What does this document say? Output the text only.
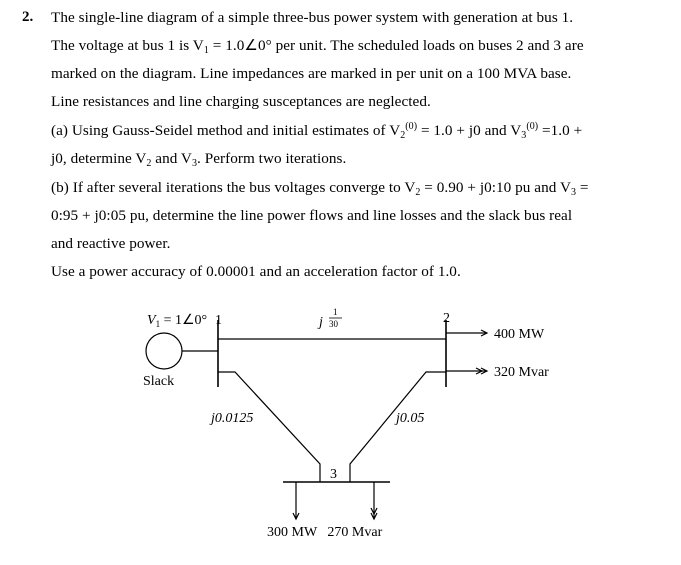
2. The single-line diagram of a simple three-bus power system with generation at bus 1.
The voltage at bus 1 is $V_1$ = 1.0∠0° per unit. The scheduled loads on buses 2 and 3 are
marked on the diagram. Line impedances are marked in per unit on a 100 MVA base.
Line resistances and line charging susceptances are neglected.
(a) Using Gauss-Seidel method and initial estimates of $V_2^{(0)} = 1.0 + j0$ and $V_3^{(0)} =1.0$ +
j0, determine $V_2$ and $V_3$. Perform two iterations.
(b) If after several iterations the bus voltages converge to $V_2 = 0.90$ + j0:10 pu and $V_3$ =
0:95 + j0:05 pu, determine the line power flows and line losses and the slack bus real
and reactive power.
Use a power accuracy of 0.00001 and an acceleration factor of 1.0.
$V_1$ = 1∠0° 1
Slack
j
1
30	2
400 MW
320 Mvar
j0.0125	j0.05
3
300 MW   270 Mvar
